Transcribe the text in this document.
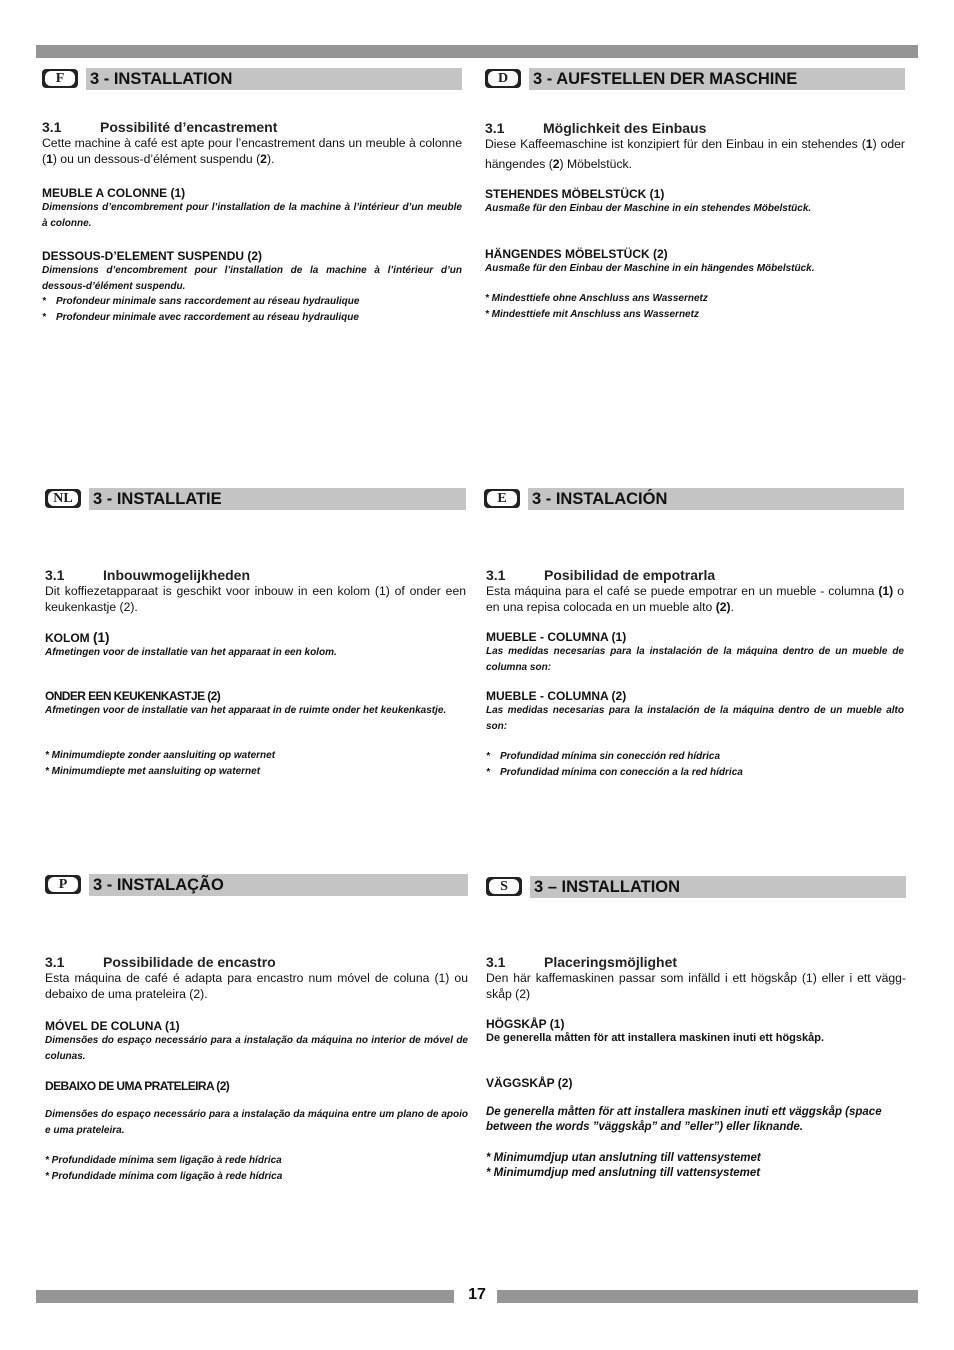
F	3 - INSTALLATION

3.1	Possibilité d’encastrement

Cette machine à café est apte pour l’encastrement dans un meuble à colonne (1) ou un dessous-d’élément suspendu (2).

MEUBLE A COLONNE (1)

Dimensions d’encombrement pour l’installation de la machine à l’intérieur d’un meuble à colonne.

DESSOUS-D’ELEMENT SUSPENDU (2)

Dimensions d’encombrement pour l’installation de la machine à l’intérieur d’un dessous-d’élément suspendu.

* Profondeur minimale sans raccordement au réseau hydraulique

* Profondeur minimale avec raccordement au réseau hydraulique

D	3 - AUFSTELLEN DER MASCHINE

3.1	Möglichkeit des Einbaus

Diese Kaffeemaschine ist konzipiert für den Einbau in ein stehendes (1) oder hängendes (2) Möbelstück.

STEHENDES MÖBELSTÜCK (1)

Ausmaße für den Einbau der Maschine in ein stehendes Möbelstück.

HÄNGENDES MÖBELSTÜCK (2)

Ausmaße für den Einbau der Maschine in ein hängendes Möbelstück.

* Mindesttiefe ohne Anschluss ans Wassernetz

* Mindesttiefe mit Anschluss ans Wassernetz

NL	3 - INSTALLATIE

3.1	Inbouwmogelijkheden

Dit koffiezetapparaat is geschikt voor inbouw in een kolom (1) of onder een keukenkastje (2).

KOLOM (1)

Afmetingen voor de installatie van het apparaat in een kolom.

ONDER EEN KEUKENKASTJE (2)

Afmetingen voor de installatie van het apparaat in de ruimte onder het keukenkastje.

* Minimumdiepte zonder aansluiting op waternet

* Minimumdiepte met aansluiting op waternet

E	3 - INSTALACIÓN

3.1	Posibilidad de empotrarla

Esta máquina para el café se puede empotrar en un mueble - columna (1) o en una repisa colocada en un mueble alto (2).

MUEBLE - COLUMNA (1)

Las medidas necesarias para la instalación de la máquina dentro de un mueble de columna son:

MUEBLE - COLUMNA (2)

Las medidas necesarias para la instalación de la máquina dentro de un mueble alto son:

* Profundidad mínima sin conección red hídrica

* Profundidad mínima con conección a la red hídrica

P	3 - INSTALAÇÃO

3.1	Possibilidade de encastro

Esta máquina de café é adapta para encastro num móvel de coluna (1) ou debaixo de uma prateleira (2).

MÓVEL DE COLUNA (1)

Dimensões do espaço necessário para a instalação da máquina no interior de móvel de colunas.

DEBAIXO DE UMA PRATELEIRA (2)

Dimensões do espaço necessário para a instalação da máquina entre um plano de apoio e uma prateleira.

* Profundidade mínima sem ligação à rede hídrica

* Profundidade mínima com ligação à rede hídrica

S	3 – INSTALLATION

3.1	Placeringsmöjlighet

Den här kaffemaskinen passar som infälld i ett högskåp (1) eller i ett vägg-skåp (2)

HÖGSKÅP (1)

De generella måtten för att installera maskinen inuti ett högskåp.

VÄGGSKÅP (2)

De generella måtten för att installera maskinen inuti ett väggskåp (space between the words ”väggskåp” and ”eller”) eller liknande.

* Minimumdjup utan anslutning till vattensystemet

* Minimumdjup med anslutning till vattensystemet

17
